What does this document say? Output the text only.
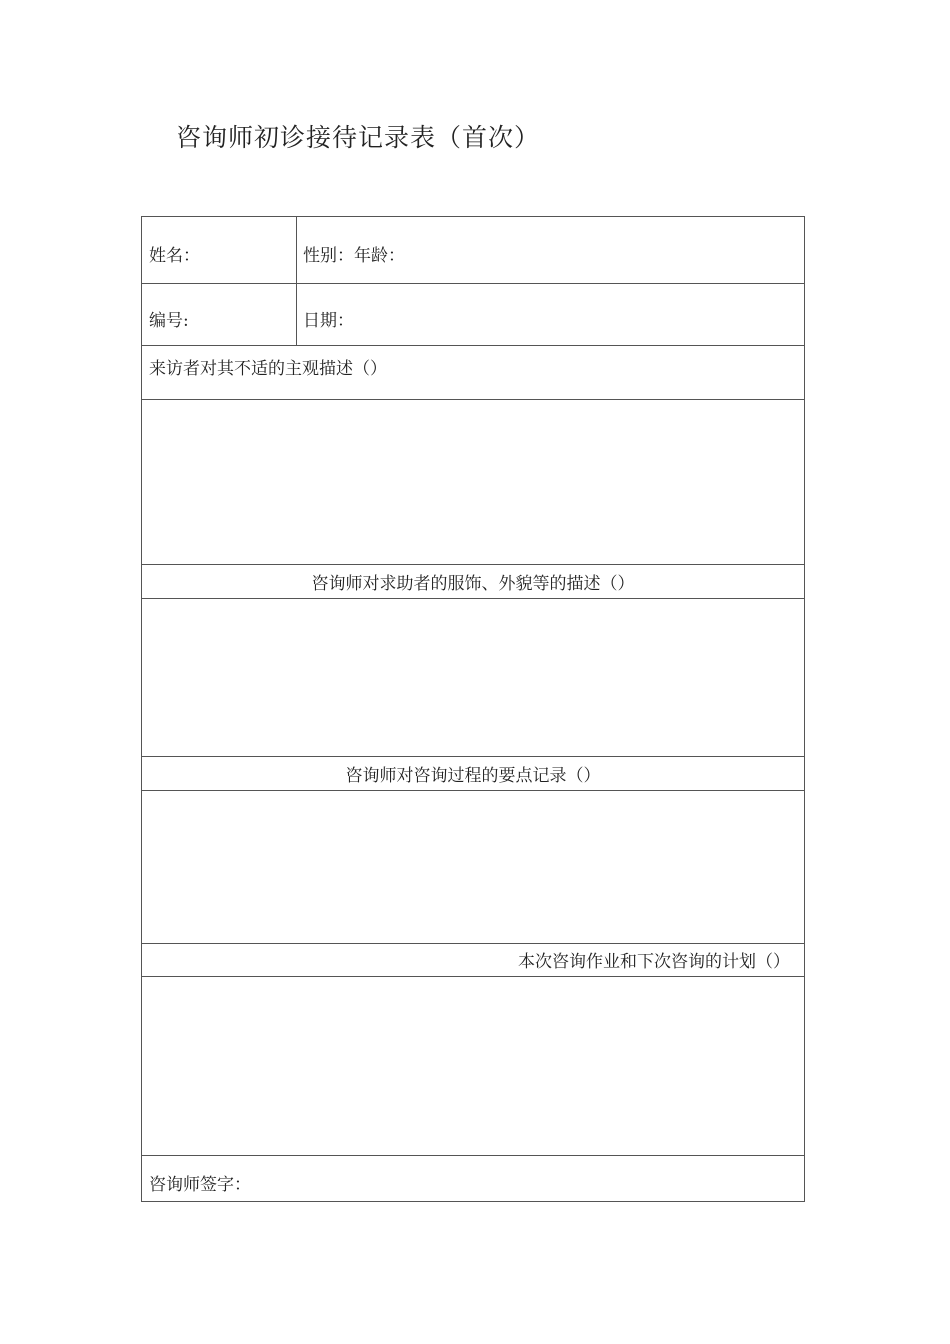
咨询师初诊接待记录表（首次）
姓名：	性别：年龄：
编号:	日期：
来访者对其不适的主观描述（）
咨询师对求助者的服饰、外貌等的描述（）
咨询师对咨询过程的要点记录（）
本次咨询作业和下次咨询的计划（）
咨询师签字：
